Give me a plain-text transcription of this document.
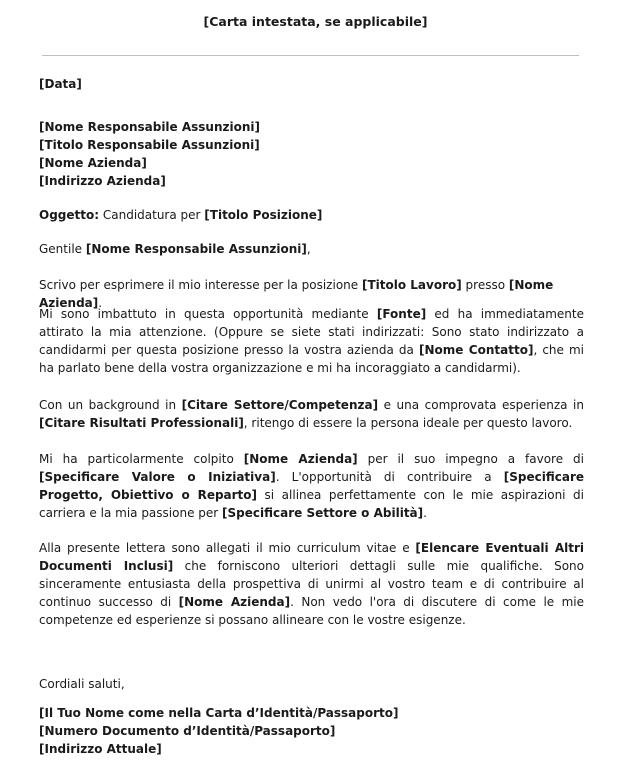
[Carta intestata, se applicabile]
[Data]
[Nome Responsabile Assunzioni]
[Titolo Responsabile Assunzioni]
[Nome Azienda]
[Indirizzo Azienda]
Oggetto: Candidatura per [Titolo Posizione]
Gentile [Nome Responsabile Assunzioni],
Scrivo per esprimere il mio interesse per la posizione [Titolo Lavoro] presso [Nome Azienda].
Mi sono imbattuto in questa opportunità mediante [Fonte] ed ha immediatamente attirato la mia attenzione. (Oppure se siete stati indirizzati: Sono stato indirizzato a candidarmi per questa posizione presso la vostra azienda da [Nome Contatto], che mi ha parlato bene della vostra organizzazione e mi ha incoraggiato a candidarmi).
Con un background in [Citare Settore/Competenza] e una comprovata esperienza in [Citare Risultati Professionali], ritengo di essere la persona ideale per questo lavoro.
Mi ha particolarmente colpito [Nome Azienda] per il suo impegno a favore di [Specificare Valore o Iniziativa]. L'opportunità di contribuire a [Specificare Progetto, Obiettivo o Reparto] si allinea perfettamente con le mie aspirazioni di carriera e la mia passione per [Specificare Settore o Abilità].
Alla presente lettera sono allegati il mio curriculum vitae e [Elencare Eventuali Altri Documenti Inclusi] che forniscono ulteriori dettagli sulle mie qualifiche. Sono sinceramente entusiasta della prospettiva di unirmi al vostro team e di contribuire al continuo successo di [Nome Azienda]. Non vedo l'ora di discutere di come le mie competenze ed esperienze si possano allineare con le vostre esigenze.
Cordiali saluti,
[Il Tuo Nome come nella Carta d’Identità/Passaporto]
[Numero Documento d’Identità/Passaporto]
[Indirizzo Attuale]
